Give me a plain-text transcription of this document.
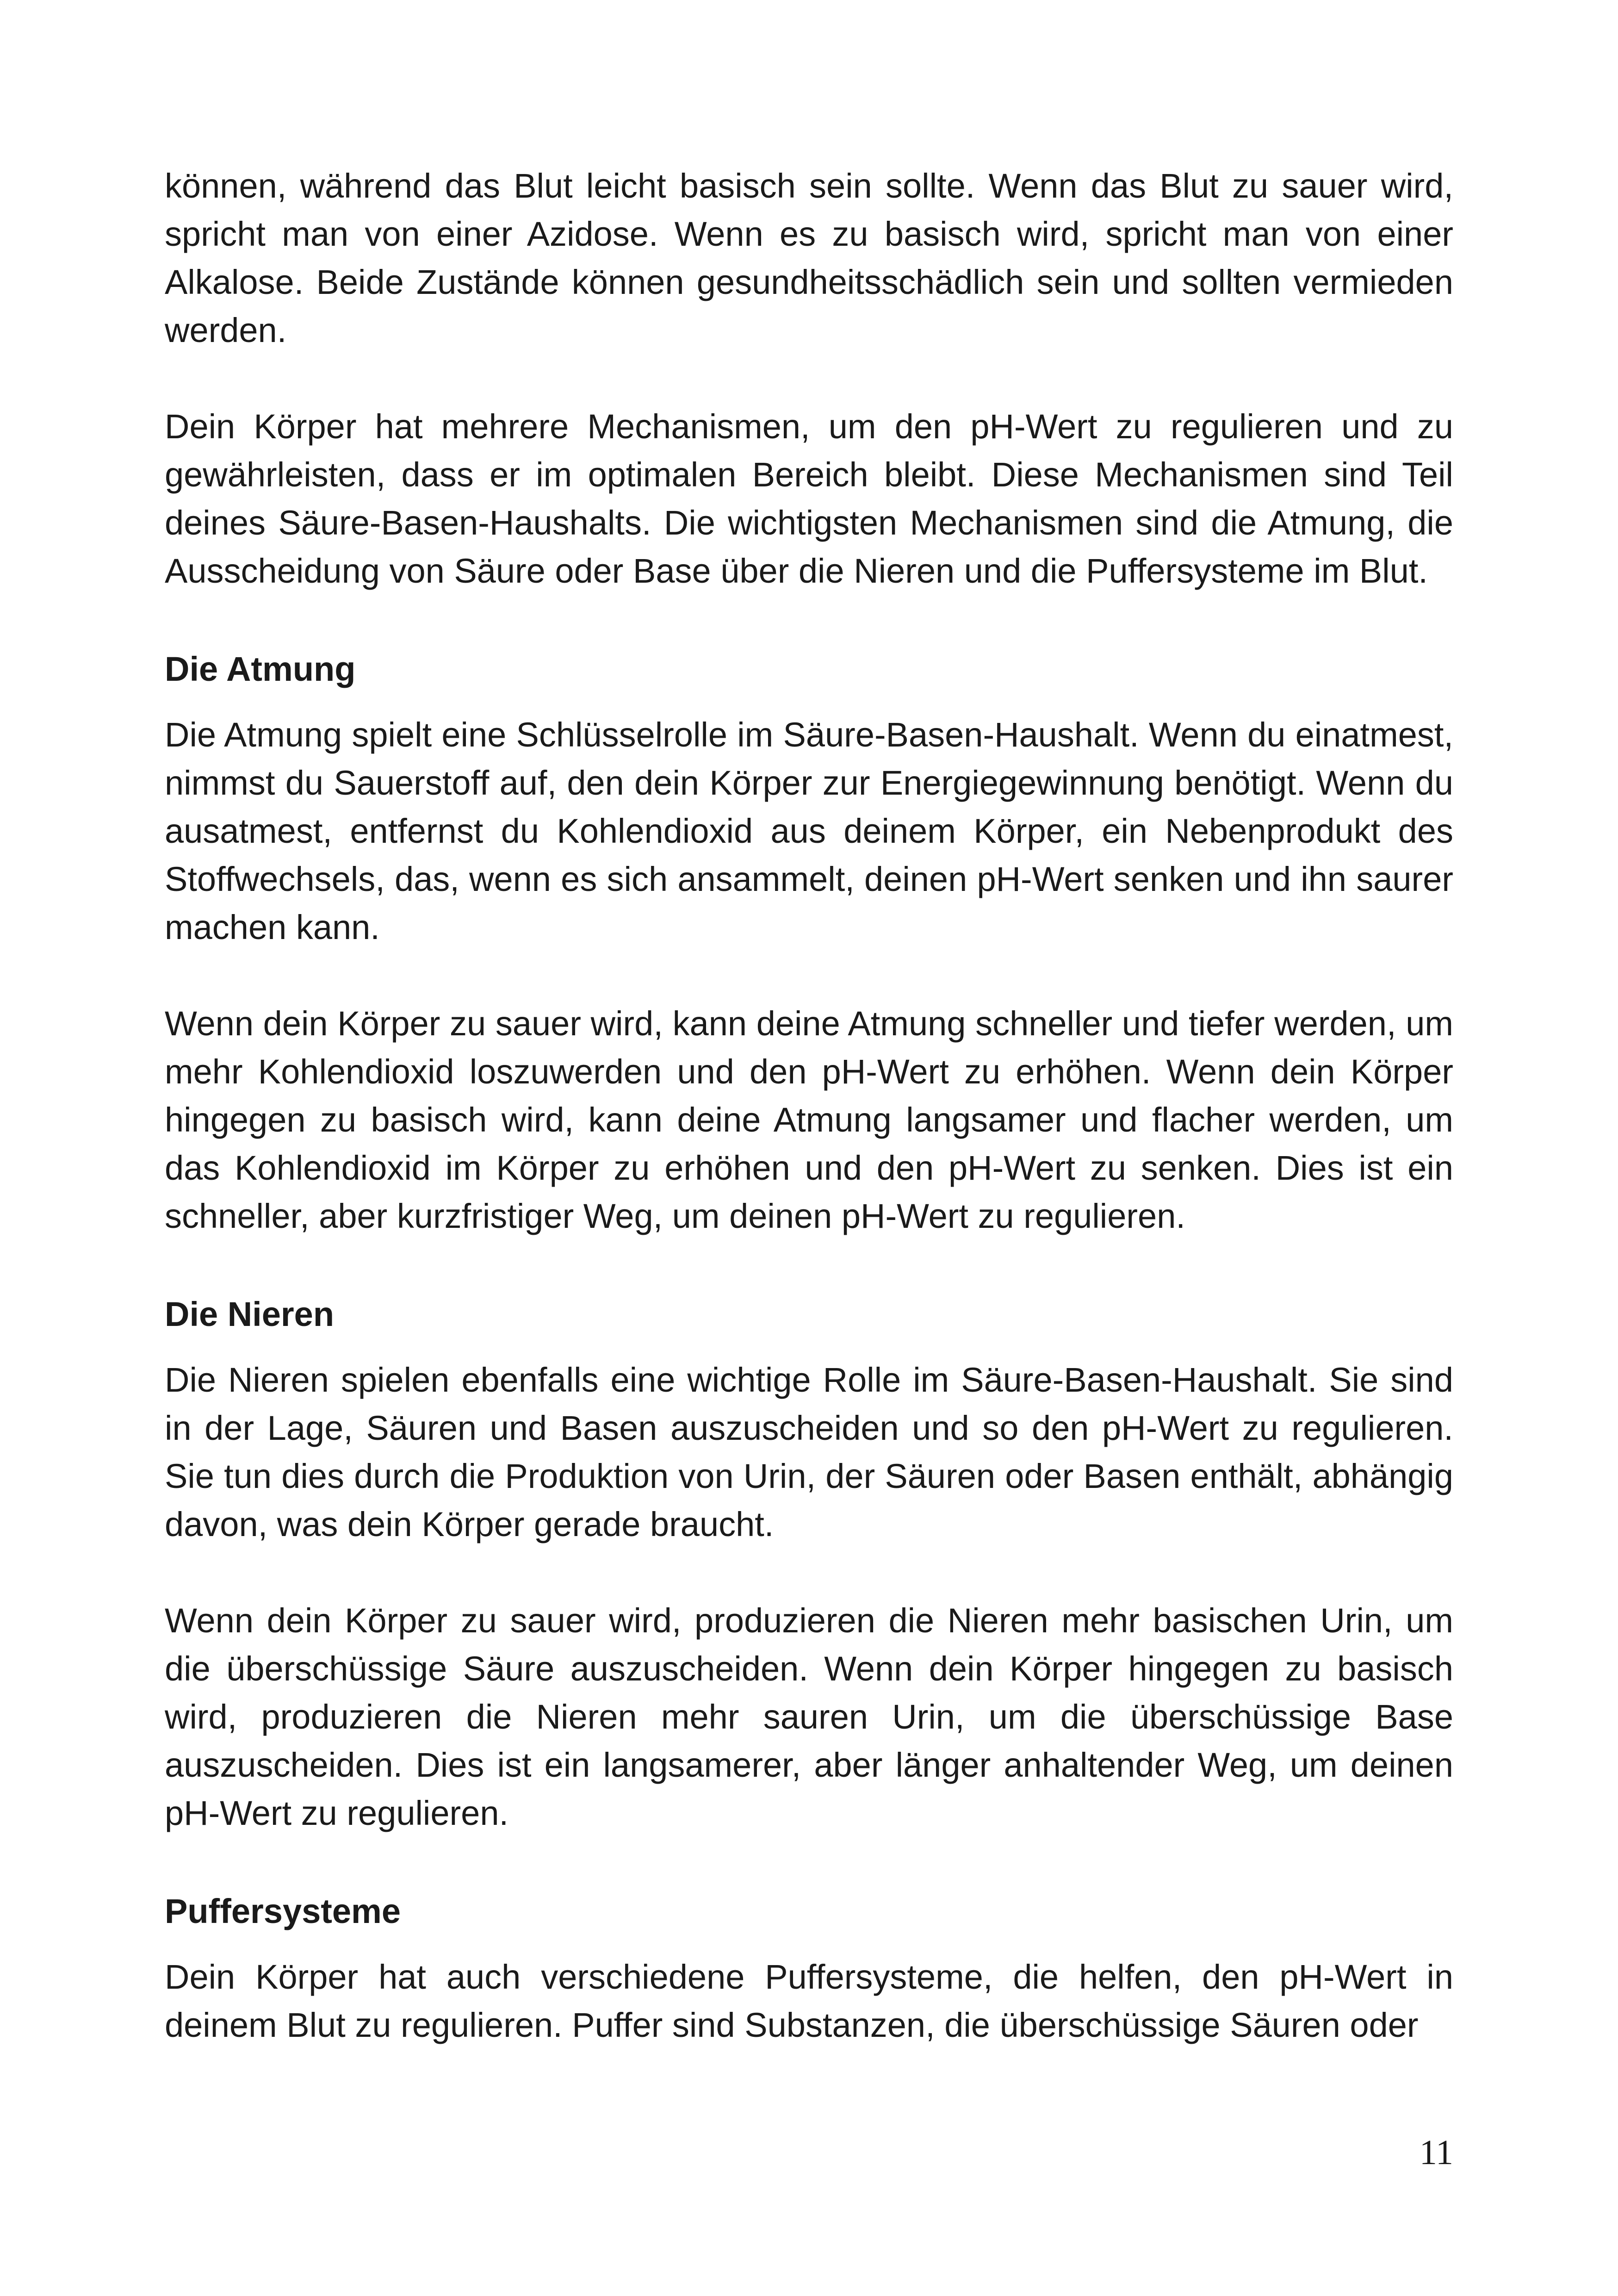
können, während das Blut leicht basisch sein sollte. Wenn das Blut zu sauer wird, spricht man von einer Azidose. Wenn es zu basisch wird, spricht man von einer Alkalose. Beide Zustände können gesundheitsschädlich sein und sollten vermieden werden.

Dein Körper hat mehrere Mechanismen, um den pH-Wert zu regulieren und zu gewährleisten, dass er im optimalen Bereich bleibt. Diese Mechanismen sind Teil deines Säure-Basen-Haushalts. Die wichtigsten Mechanismen sind die Atmung, die Ausscheidung von Säure oder Base über die Nieren und die Puffersysteme im Blut.

Die Atmung

Die Atmung spielt eine Schlüsselrolle im Säure-Basen-Haushalt. Wenn du einatmest, nimmst du Sauerstoff auf, den dein Körper zur Energiegewinnung benötigt. Wenn du ausatmest, entfernst du Kohlendioxid aus deinem Körper, ein Nebenprodukt des Stoffwechsels, das, wenn es sich ansammelt, deinen pH-Wert senken und ihn saurer machen kann.

Wenn dein Körper zu sauer wird, kann deine Atmung schneller und tiefer werden, um mehr Kohlendioxid loszuwerden und den pH-Wert zu erhöhen. Wenn dein Körper hingegen zu basisch wird, kann deine Atmung langsamer und flacher werden, um das Kohlendioxid im Körper zu erhöhen und den pH-Wert zu senken. Dies ist ein schneller, aber kurzfristiger Weg, um deinen pH-Wert zu regulieren.

Die Nieren

Die Nieren spielen ebenfalls eine wichtige Rolle im Säure-Basen-Haushalt. Sie sind in der Lage, Säuren und Basen auszuscheiden und so den pH-Wert zu regulieren. Sie tun dies durch die Produktion von Urin, der Säuren oder Basen enthält, abhängig davon, was dein Körper gerade braucht.

Wenn dein Körper zu sauer wird, produzieren die Nieren mehr basischen Urin, um die überschüssige Säure auszuscheiden. Wenn dein Körper hingegen zu basisch wird, produzieren die Nieren mehr sauren Urin, um die überschüssige Base auszuscheiden. Dies ist ein langsamerer, aber länger anhaltender Weg, um deinen pH-Wert zu regulieren.

Puffersysteme

Dein Körper hat auch verschiedene Puffersysteme, die helfen, den pH-Wert in deinem Blut zu regulieren. Puffer sind Substanzen, die überschüssige Säuren oder

11
